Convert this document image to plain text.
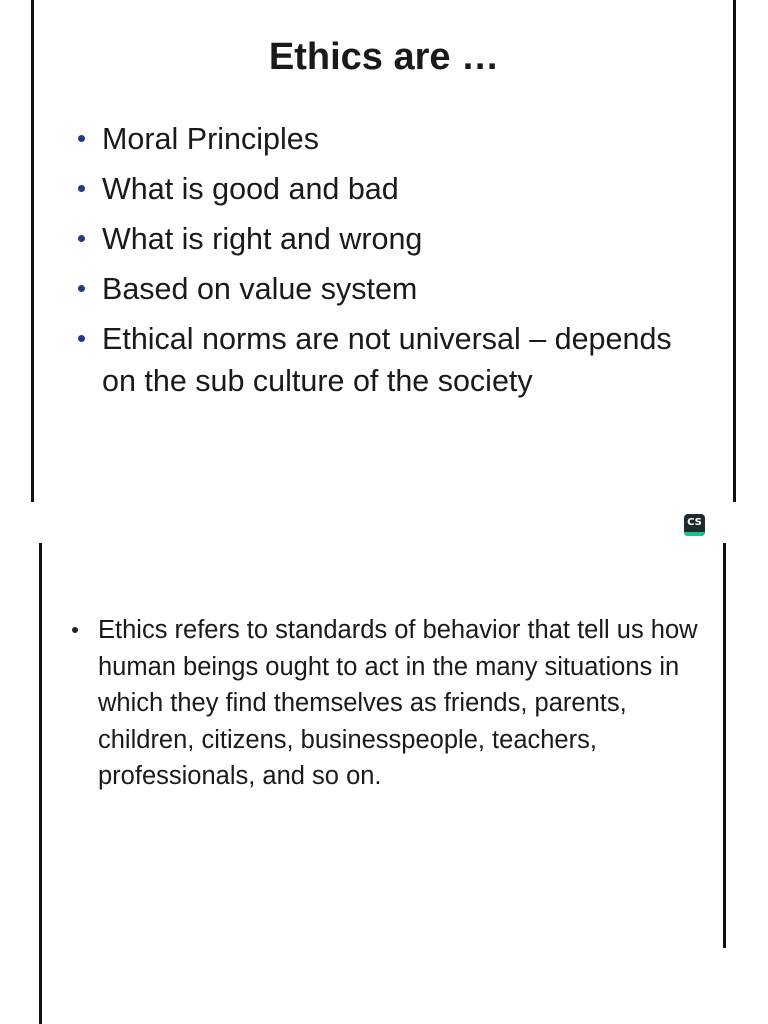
Ethics are …
Moral Principles
What is good and bad
What is right and wrong
Based on value system
Ethical norms are not universal – depends on the sub culture of the society
CS
Ethics refers to standards of behavior that tell us how human beings ought to act in the many situations in which they find themselves as friends, parents, children, citizens, businesspeople, teachers, professionals, and so on.
